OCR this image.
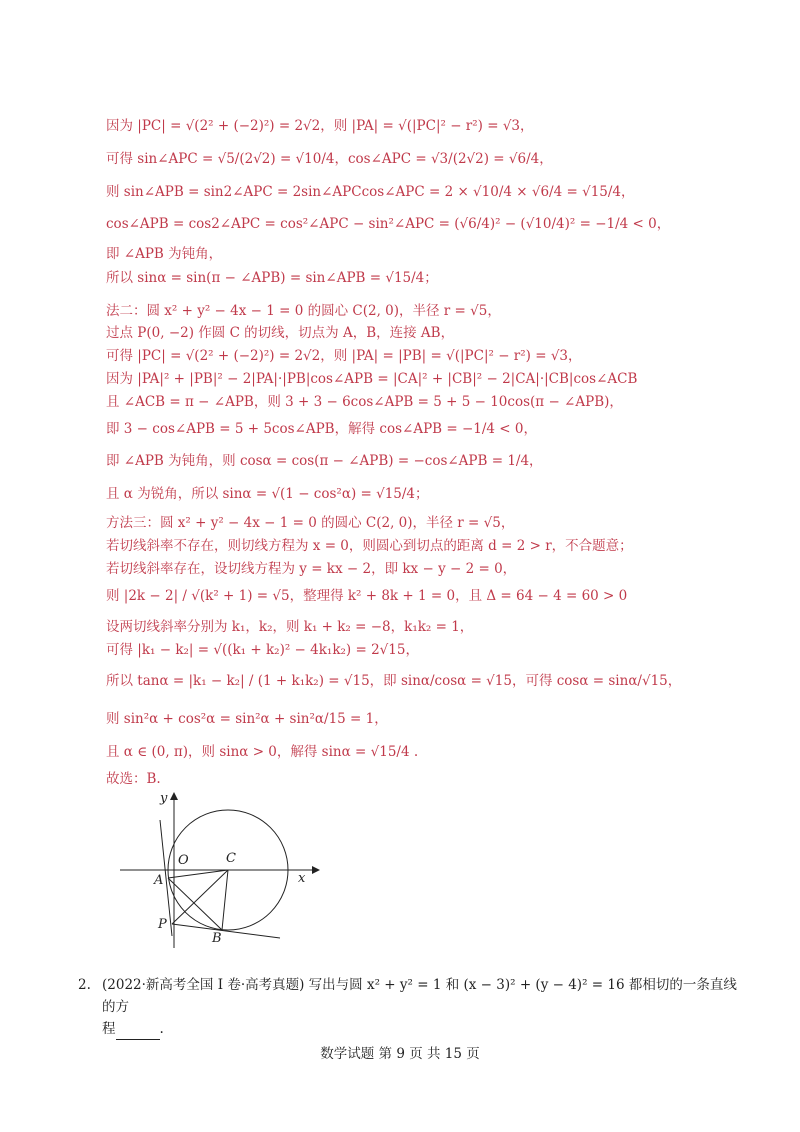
因为 |PC| = √(2² + (−2)²) = 2√2，则 |PA| = √(|PC|² − r²) = √3，
可得 sin∠APC = √5/(2√2) = √10/4，cos∠APC = √3/(2√2) = √6/4，
则 sin∠APB = sin2∠APC = 2sin∠APCcos∠APC = 2 × √10/4 × √6/4 = √15/4，
cos∠APB = cos2∠APC = cos²∠APC − sin²∠APC = (√6/4)² − (√10/4)² = −1/4 < 0，
即 ∠APB 为钝角，
所以 sinα = sin(π − ∠APB) = sin∠APB = √15/4；
法二：圆 x² + y² − 4x − 1 = 0 的圆心 C(2, 0)，半径 r = √5，
过点 P(0, −2) 作圆 C 的切线，切点为 A，B，连接 AB，
可得 |PC| = √(2² + (−2)²) = 2√2，则 |PA| = |PB| = √(|PC|² − r²) = √3，
因为 |PA|² + |PB|² − 2|PA|·|PB|cos∠APB = |CA|² + |CB|² − 2|CA|·|CB|cos∠ACB
且 ∠ACB = π − ∠APB，则 3 + 3 − 6cos∠APB = 5 + 5 − 10cos(π − ∠APB)，
即 3 − cos∠APB = 5 + 5cos∠APB，解得 cos∠APB = −1/4 < 0，
即 ∠APB 为钝角，则 cosα = cos(π − ∠APB) = −cos∠APB = 1/4，
且 α 为锐角，所以 sinα = √(1 − cos²α) = √15/4；
方法三：圆 x² + y² − 4x − 1 = 0 的圆心 C(2, 0)，半径 r = √5，
若切线斜率不存在，则切线方程为 x = 0，则圆心到切点的距离 d = 2 > r，不合题意；
若切线斜率存在，设切线方程为 y = kx − 2，即 kx − y − 2 = 0，
则 |2k − 2| / √(k² + 1) = √5，整理得 k² + 8k + 1 = 0，且 Δ = 64 − 4 = 60 > 0
设两切线斜率分别为 k₁，k₂，则 k₁ + k₂ = −8，k₁k₂ = 1，
可得 |k₁ − k₂| = √((k₁ + k₂)² − 4k₁k₂) = 2√15，
所以 tanα = |k₁ − k₂| / (1 + k₁k₂) = √15，即 sinα/cosα = √15，可得 cosα = sinα/√15，
则 sin²α + cos²α = sin²α + sin²α/15 = 1，
且 α ∈ (0, π)，则 sinα > 0，解得 sinα = √15/4 .
故选：B.
y
x
O	C
A
P
B
2. (2022·新高考全国 I 卷·高考真题) 写出与圆 x² + y² = 1 和 (x − 3)² + (y − 4)² = 16 都相切的一条直线的方
程	.
数学试题 第 9 页 共 15 页
